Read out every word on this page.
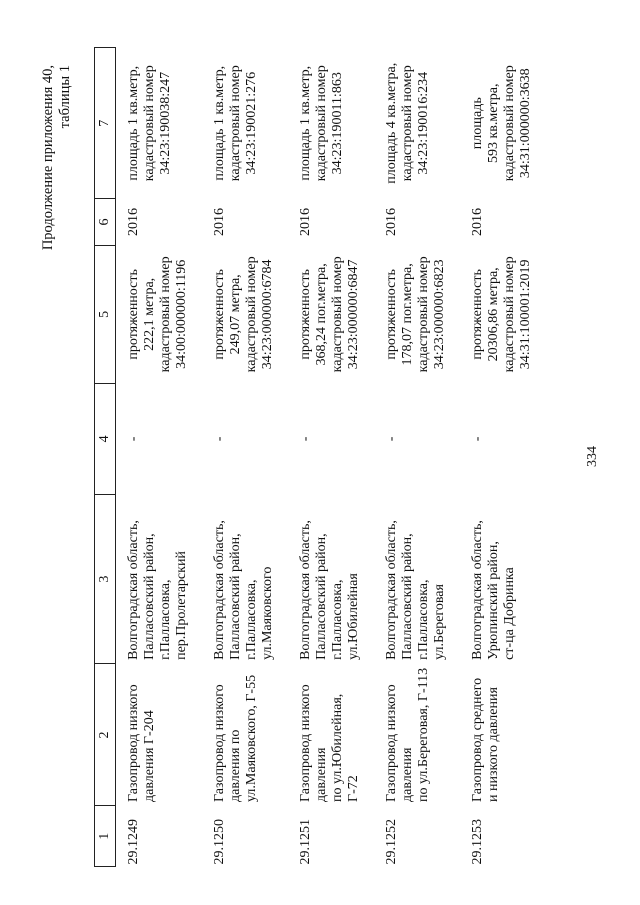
334
Продолжение приложения 40, таблицы 1
1	2	3	4	5	6	7
29.1249	Газопровод низкого давления Г-204	Волгоградская область, Палласовский район, г.Палласовка, пер.Пролетарский	-	протяженность 222,1 метра, кадастровый номер 34:00:000000:1196	2016	площадь 1 кв.метр, кадастровый номер 34:23:190038:247

29.1250	Газопровод низкого давления по ул.Маяковского, Г-55	Волгоградская область, Палласовский район, г.Палласовка, ул.Маяковского	-	протяженность 249,07 метра, кадастровый номер 34:23:000000:6784	2016	площадь 1 кв.метр, кадастровый номер 34:23:190021:276

29.1251	Газопровод низкого давления по ул.Юбилейная, Г-72	Волгоградская область, Палласовский район, г.Палласовка, ул.Юбилейная	-	протяженность 368,24 пог.метра, кадастровый номер 34:23:000000:6847	2016	площадь 1 кв.метр, кадастровый номер 34:23:190011:863

29.1252	Газопровод низкого давления по ул.Береговая, Г-113	Волгоградская область, Палласовский район, г.Палласовка, ул.Береговая	-	протяженность 178,07 пог.метра, кадастровый номер 34:23:000000:6823	2016	площадь 4 кв.метра, кадастровый номер 34:23:190016:234

29.1253	Газопровод среднего и низкого давления	Волгоградская область, Урюпинский район, ст-ца Добринка	-	протяженность 20306,86 метра, кадастровый номер 34:31:100001:2019	2016	площадь 593 кв.метра, кадастровый номер 34:31:000000:3638
